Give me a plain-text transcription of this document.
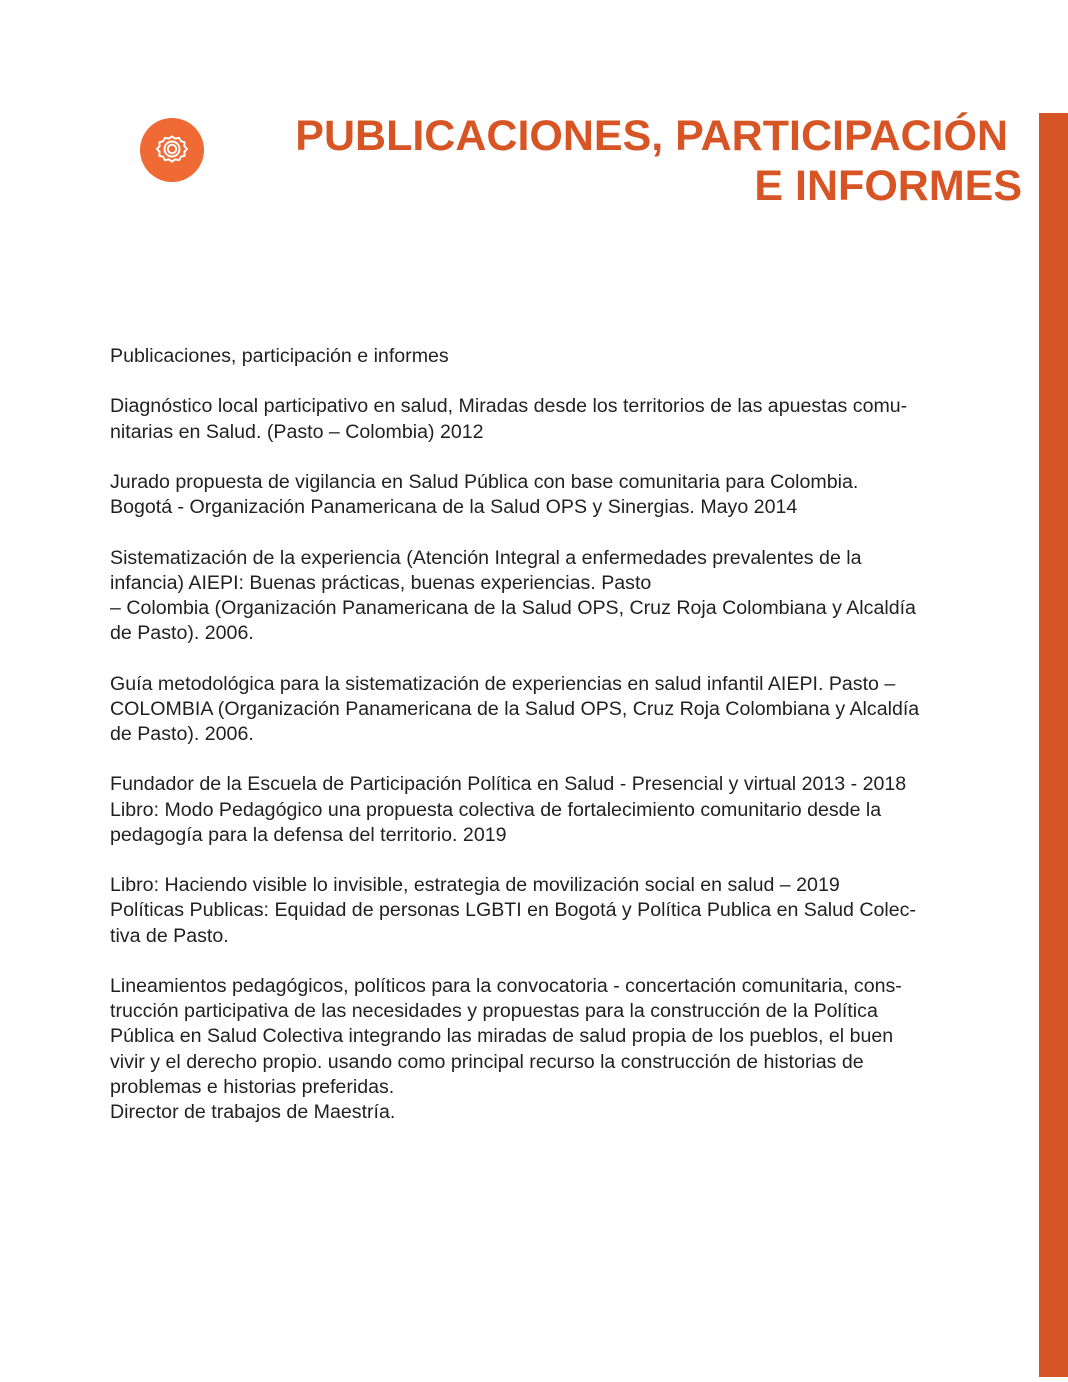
PUBLICACIONES, PARTICIPACIÓN
E INFORMES

Publicaciones, participación e informes

Diagnóstico local participativo en salud, Miradas desde los territorios de las apuestas comu-
nitarias en Salud. (Pasto – Colombia) 2012

Jurado propuesta de vigilancia en Salud Pública con base comunitaria para Colombia.
Bogotá - Organización Panamericana de la Salud OPS y Sinergias. Mayo 2014

Sistematización de la experiencia (Atención Integral a enfermedades prevalentes de la
infancia) AIEPI: Buenas prácticas, buenas experiencias. Pasto
– Colombia (Organización Panamericana de la Salud OPS, Cruz Roja Colombiana y Alcaldía
de Pasto). 2006.

Guía metodológica para la sistematización de experiencias en salud infantil AIEPI. Pasto –
COLOMBIA (Organización Panamericana de la Salud OPS, Cruz Roja Colombiana y Alcaldía
de Pasto). 2006.

Fundador de la Escuela de Participación Política en Salud - Presencial y virtual 2013 - 2018
Libro: Modo Pedagógico una propuesta colectiva de fortalecimiento comunitario desde la
pedagogía para la defensa del territorio. 2019

Libro: Haciendo visible lo invisible, estrategia de movilización social en salud – 2019
Políticas Publicas: Equidad de personas LGBTI en Bogotá y Política Publica en Salud Colec-
tiva de Pasto.

Lineamientos pedagógicos, políticos para la convocatoria - concertación comunitaria, cons-
trucción participativa de las necesidades y propuestas para la construcción de la Política
Pública en Salud Colectiva integrando las miradas de salud propia de los pueblos, el buen
vivir y el derecho propio. usando como principal recurso la construcción de historias de
problemas e historias preferidas.
Director de trabajos de Maestría.
